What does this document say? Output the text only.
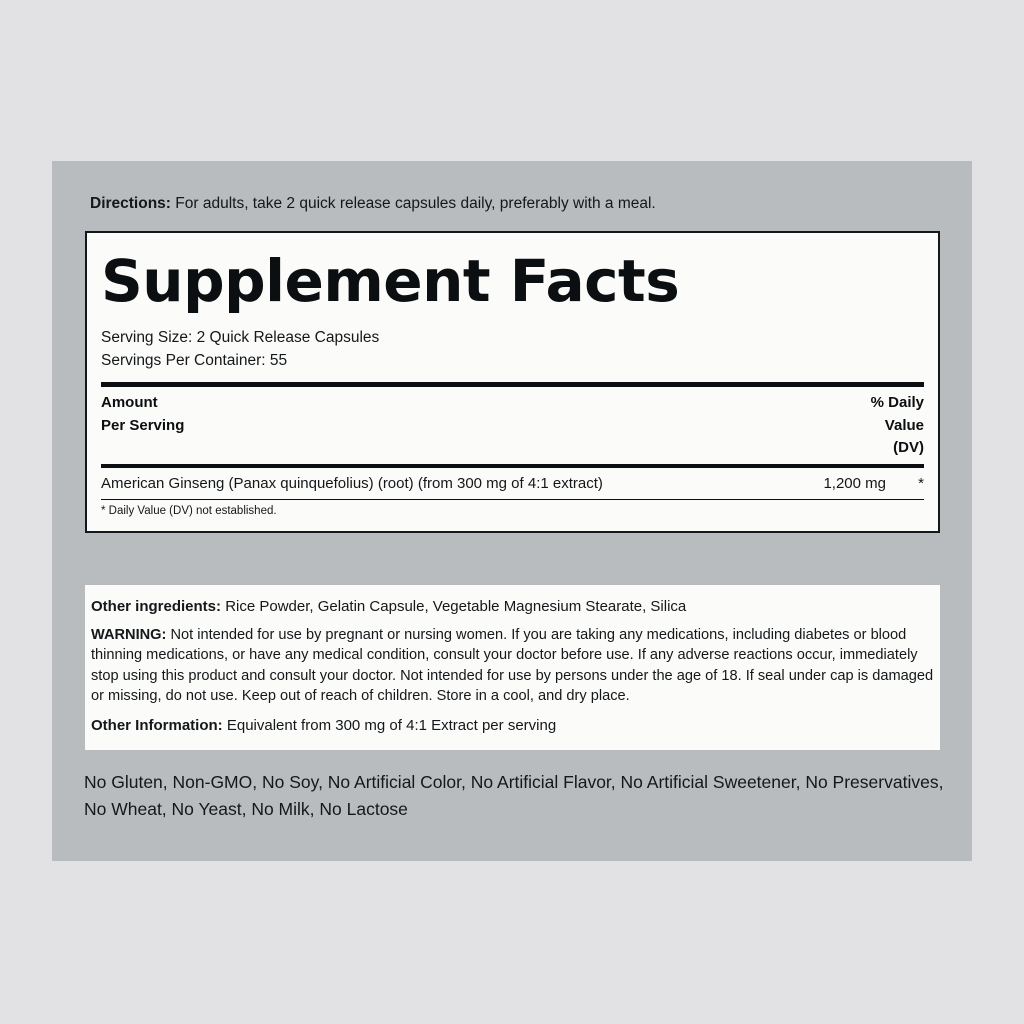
Directions: For adults, take 2 quick release capsules daily, preferably with a meal.
Supplement Facts
Serving Size: 2 Quick Release Capsules
Servings Per Container: 55
Amount
Per Serving
% Daily
Value
(DV)
American Ginseng (Panax quinquefolius) (root) (from 300 mg of 4:1 extract)	1,200 mg	*
* Daily Value (DV) not established.
Other ingredients: Rice Powder, Gelatin Capsule, Vegetable Magnesium Stearate, Silica
WARNING: Not intended for use by pregnant or nursing women. If you are taking any medications, including diabetes or blood thinning medications, or have any medical condition, consult your doctor before use. If any adverse reactions occur, immediately stop using this product and consult your doctor. Not intended for use by persons under the age of 18. If seal under cap is damaged or missing, do not use. Keep out of reach of children. Store in a cool, and dry place.
Other Information: Equivalent from 300 mg of 4:1 Extract per serving
No Gluten, Non-GMO, No Soy, No Artificial Color, No Artificial Flavor, No Artificial Sweetener, No Preservatives, No Wheat, No Yeast, No Milk, No Lactose
